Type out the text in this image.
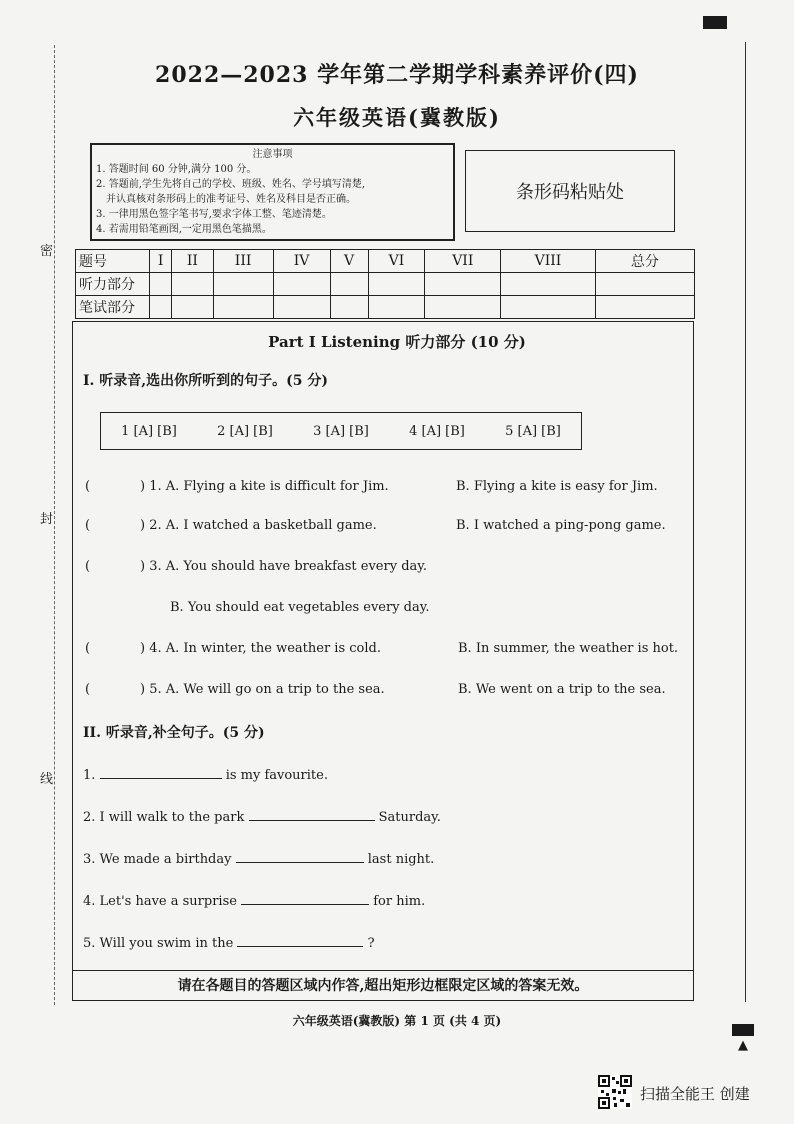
▲
密
封
线
2022—2023 学年第二学期学科素养评价(四)
六年级英语(冀教版)
注意事项
1. 答题时间 60 分钟,满分 100 分。
2. 答题前,学生先将自己的学校、班级、姓名、学号填写清楚,
并认真核对条形码上的准考证号、姓名及科目是否正确。
3. 一律用黑色签字笔书写,要求字体工整、笔迹清楚。
4. 若需用铅笔画图,一定用黑色笔描黑。
条形码粘贴处
题号	I	II	III	IV	V	VI	VII	VIII	总分
听力部分									
笔试部分									
Part I Listening 听力部分 (10 分)
I. 听录音,选出你所听到的句子。(5 分)
1 [A] [B]	2 [A] [B]	3 [A] [B]	4 [A] [B]	5 [A] [B]
(	) 1. A. Flying a kite is difficult for Jim.	B. Flying a kite is easy for Jim.
(	) 2. A. I watched a basketball game.	B. I watched a ping-pong game.
(	) 3. A. You should have breakfast every day.
B. You should eat vegetables every day.
(	) 4. A. In winter, the weather is cold.	B. In summer, the weather is hot.
(	) 5. A. We will go on a trip to the sea.	B. We went on a trip to the sea.
II. 听录音,补全句子。(5 分)
1.	is my favourite.
2. I will walk to the park	Saturday.
3. We made a birthday	last night.
4. Let's have a surprise	for him.
5. Will you swim in the	?
请在各题目的答题区域内作答,超出矩形边框限定区域的答案无效。
六年级英语(冀教版) 第 1 页 (共 4 页)
扫描全能王 创建
